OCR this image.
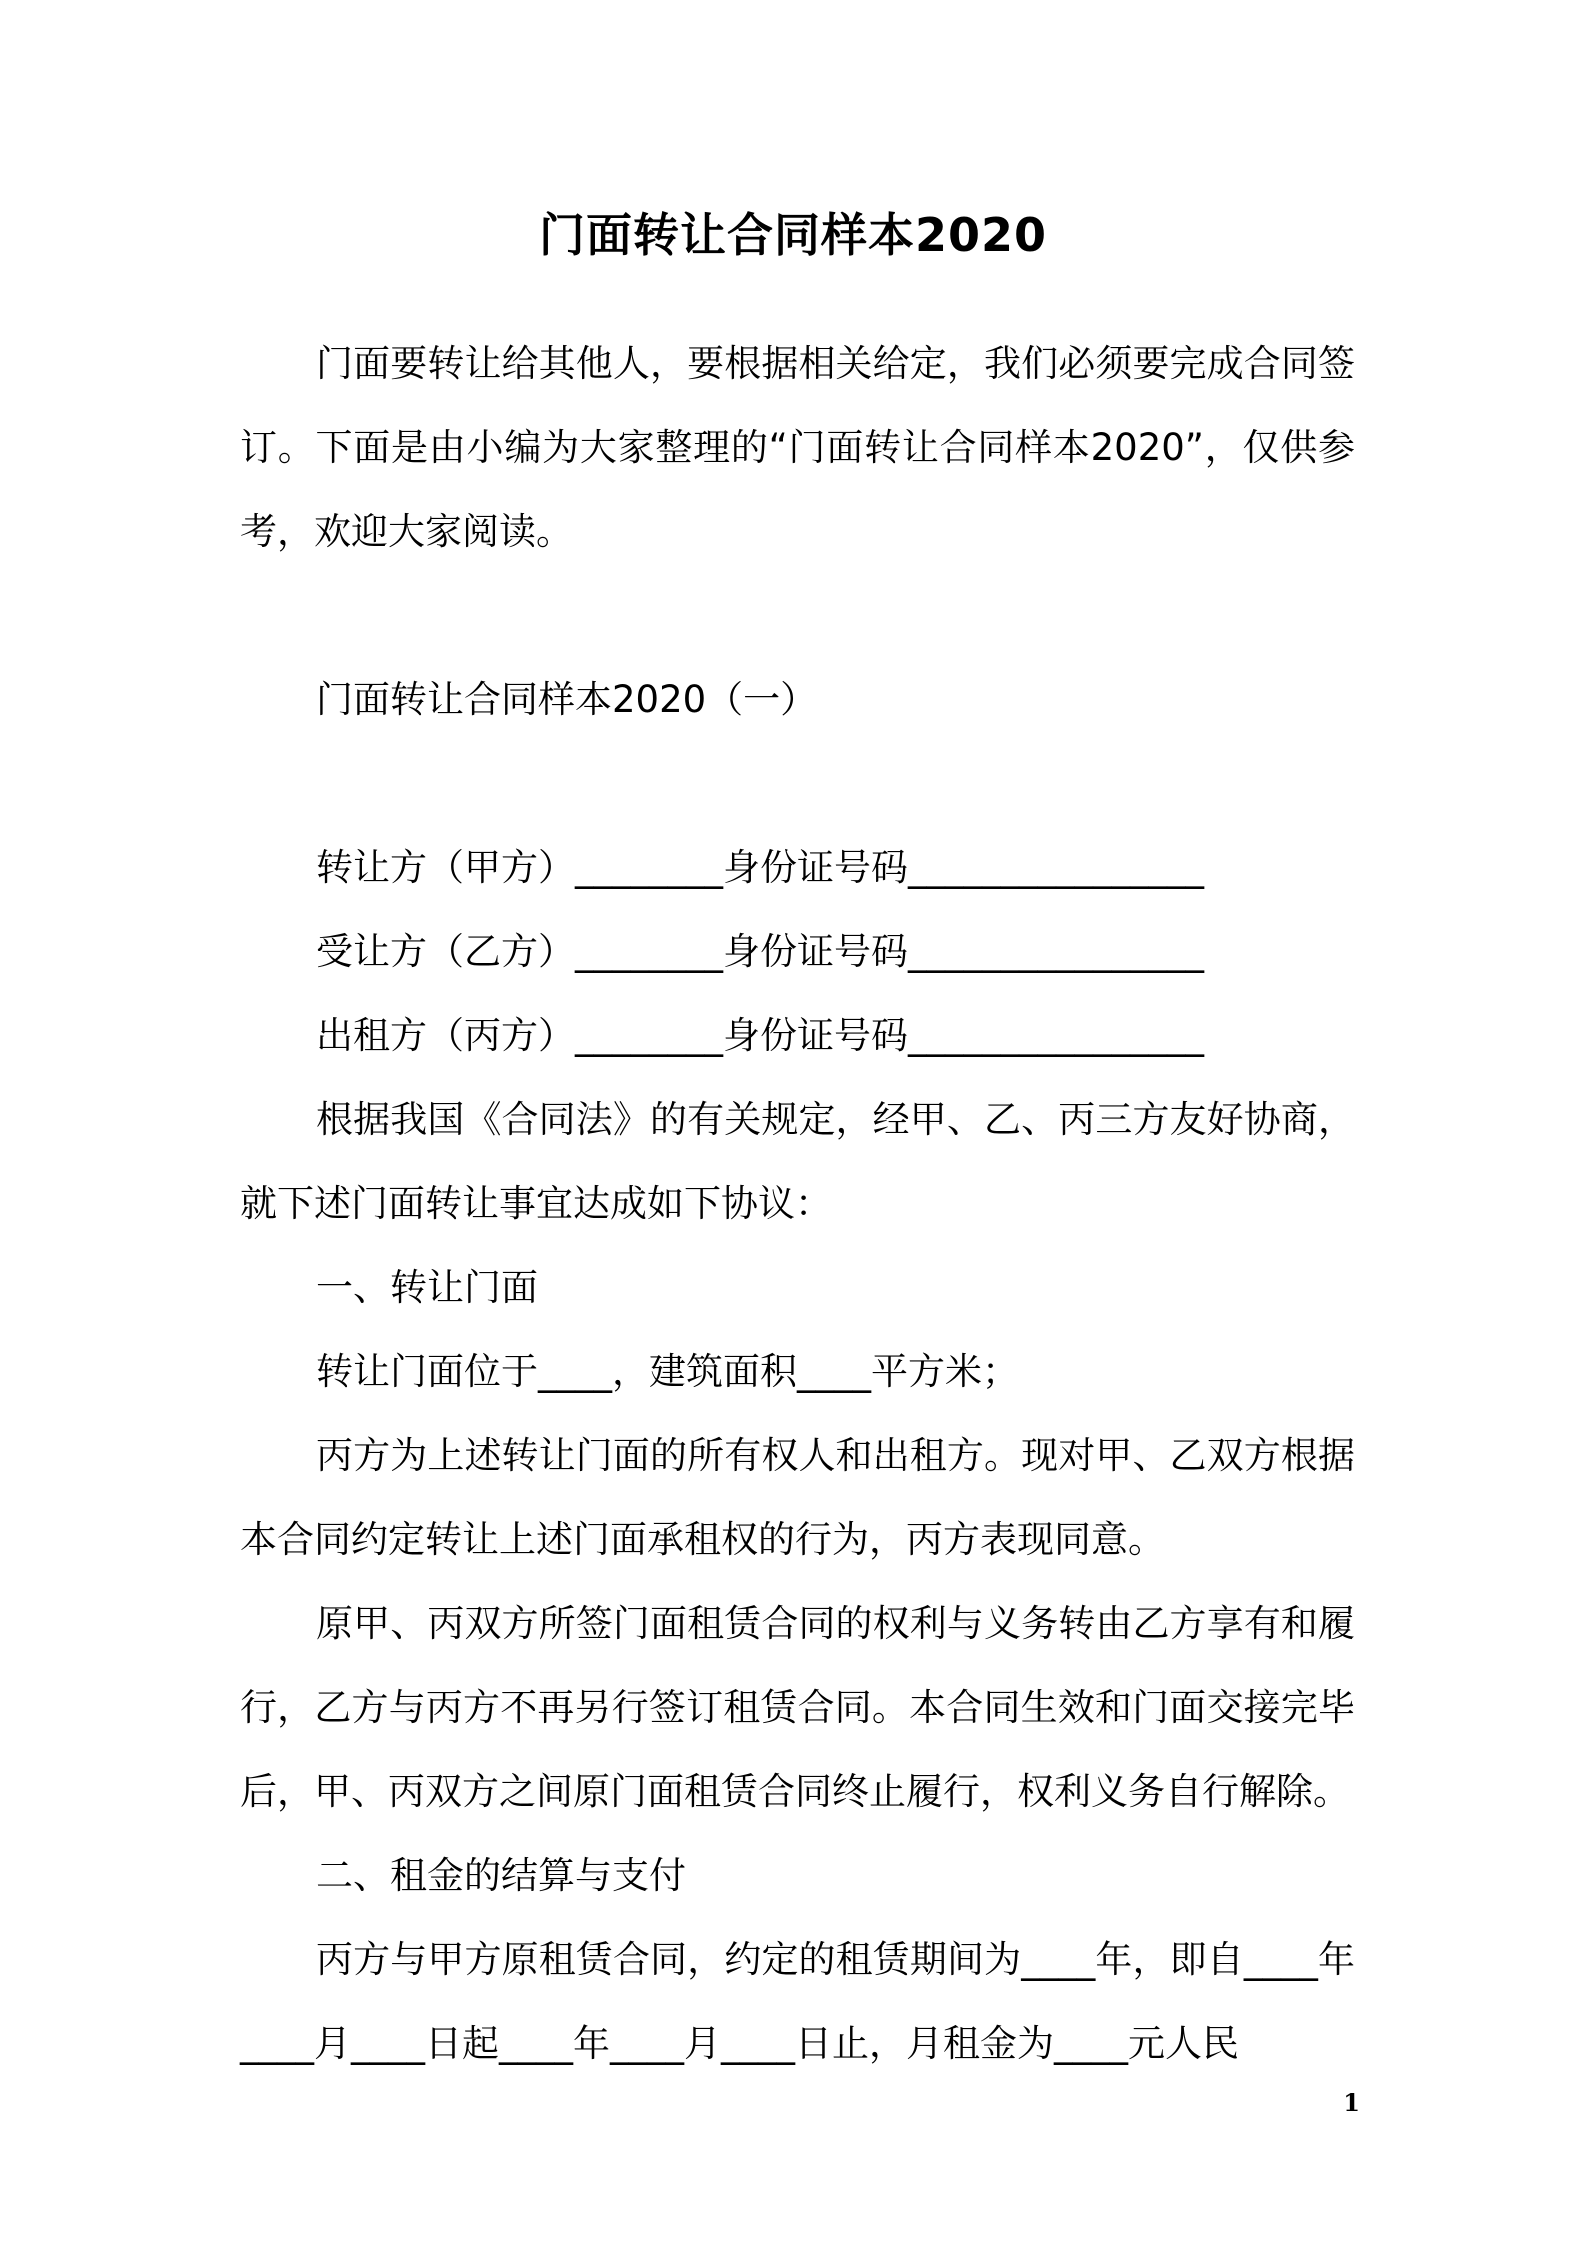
门面转让合同样本2020

门面要转让给其他人，要根据相关给定，我们必须要完成合同签订。下面是由小编为大家整理的“门面转让合同样本2020”，仅供参考，欢迎大家阅读。

门面转让合同样本2020（一）

转让方（甲方）________身份证号码________________

受让方（乙方）________身份证号码________________

出租方（丙方）________身份证号码________________

根据我国《合同法》的有关规定，经甲、乙、丙三方友好协商，就下述门面转让事宜达成如下协议：

一、转让门面

转让门面位于____，建筑面积____平方米；

丙方为上述转让门面的所有权人和出租方。现对甲、乙双方根据本合同约定转让上述门面承租权的行为，丙方表现同意。

原甲、丙双方所签门面租赁合同的权利与义务转由乙方享有和履行，乙方与丙方不再另行签订租赁合同。本合同生效和门面交接完毕后，甲、丙双方之间原门面租赁合同终止履行，权利义务自行解除。

二、租金的结算与支付

丙方与甲方原租赁合同，约定的租赁期间为____年，即自____年____月____日起____年____月____日止，月租金为____元人民

1
